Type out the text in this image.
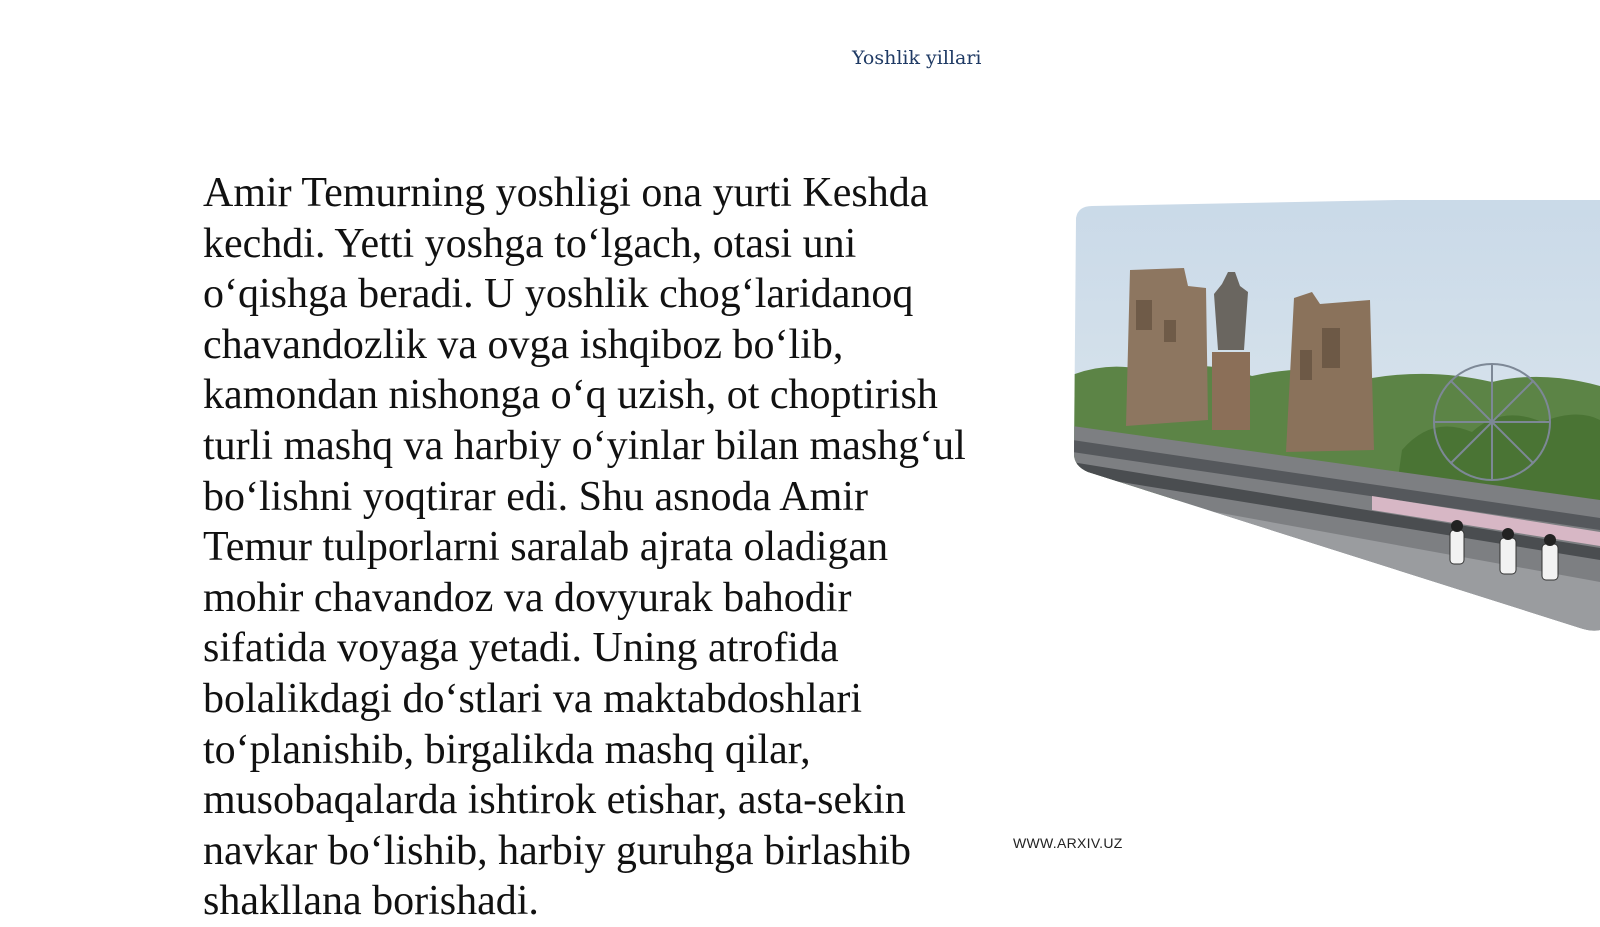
Yoshlik yillari

Amir Temurning yoshligi ona yurti Keshda
kechdi. Yetti yoshga to‘lgach, otasi uni
o‘qishga beradi. U yoshlik chog‘laridanoq
chavandozlik va ovga ishqiboz bo‘lib,
kamondan nishonga o‘q uzish, ot choptirish
turli mashq va harbiy o‘yinlar bilan mashg‘ul
bo‘lishni yoqtirar edi. Shu asnoda Amir
Temur tulporlarni saralab ajrata oladigan
mohir chavandoz va dovyurak bahodir
sifatida voyaga yetadi. Uning atrofida
bolalikdagi do‘stlari va maktabdoshlari
to‘planishib, birgalikda mashq qilar,
musobaqalarda ishtirok etishar, asta-sekin
navkar bo‘lishib, harbiy guruhga birlashib
shakllana borishadi.

WWW.ARXIV.UZ
